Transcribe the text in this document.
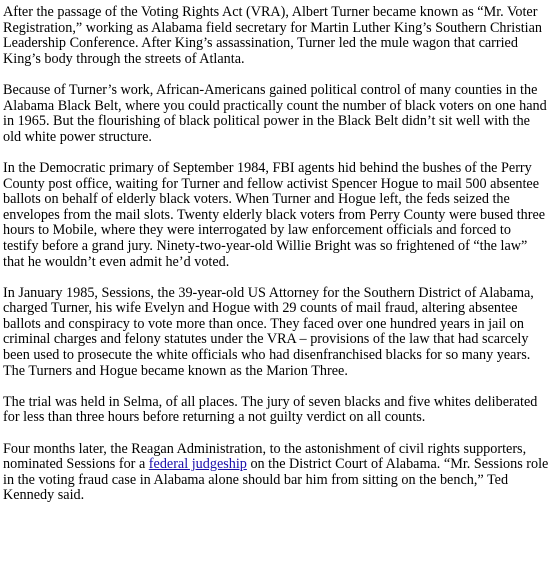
After the passage of the Voting Rights Act (VRA), Albert Turner became known as “Mr. Voter Registration,” working as Alabama field secretary for Martin Luther King’s Southern Christian Leadership Conference. After King’s assassination, Turner led the mule wagon that carried King’s body through the streets of Atlanta.

Because of Turner’s work, African-Americans gained political control of many counties in the Alabama Black Belt, where you could practically count the number of black voters on one hand in 1965. But the flourishing of black political power in the Black Belt didn’t sit well with the old white power structure.

In the Democratic primary of September 1984, FBI agents hid behind the bushes of the Perry County post office, waiting for Turner and fellow activist Spencer Hogue to mail 500 absentee ballots on behalf of elderly black voters. When Turner and Hogue left, the feds seized the envelopes from the mail slots. Twenty elderly black voters from Perry County were bused three hours to Mobile, where they were interrogated by law enforcement officials and forced to testify before a grand jury. Ninety-two-year-old Willie Bright was so frightened of “the law” that he wouldn’t even admit he’d voted.

In January 1985, Sessions, the 39-year-old US Attorney for the Southern District of Alabama, charged Turner, his wife Evelyn and Hogue with 29 counts of mail fraud, altering absentee ballots and conspiracy to vote more than once. They faced over one hundred years in jail on criminal charges and felony statutes under the VRA – provisions of the law that had scarcely been used to prosecute the white officials who had disenfranchised blacks for so many years. The Turners and Hogue became known as the Marion Three.

The trial was held in Selma, of all places. The jury of seven blacks and five whites deliberated for less than three hours before returning a not guilty verdict on all counts.

Four months later, the Reagan Administration, to the astonishment of civil rights supporters, nominated Sessions for a federal judgeship on the District Court of Alabama. “Mr. Sessions role in the voting fraud case in Alabama alone should bar him from sitting on the bench,” Ted Kennedy said.
